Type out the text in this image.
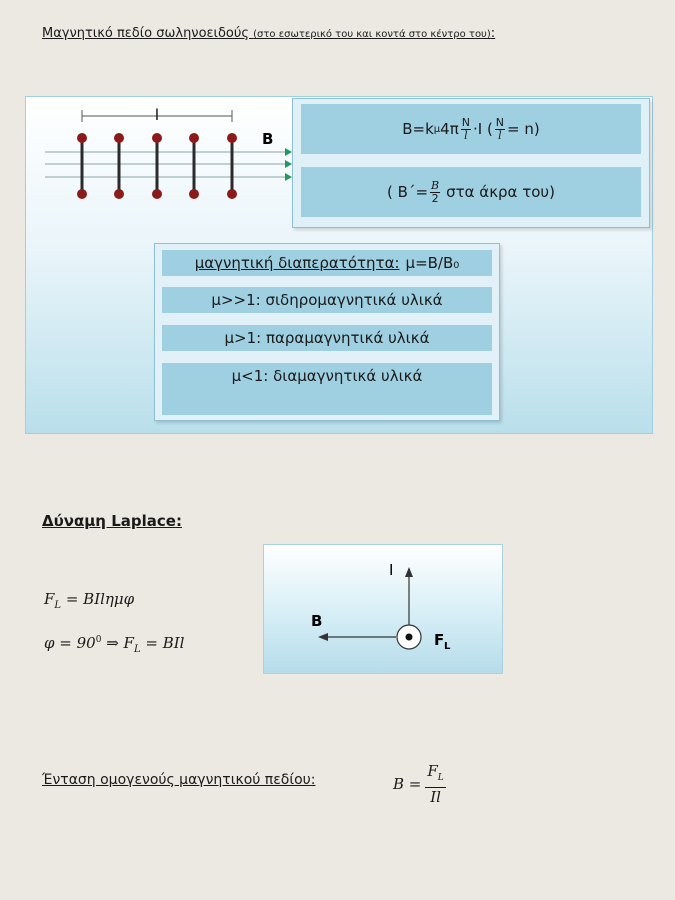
Μαγνητικό πεδίο σωληνοειδούς (στο εσωτερικό του και κοντά στο κέντρο του):
l
B
B=k μ $4\pi \frac{N}{l} \cdot I$ ( $\frac{N}{l} = n$)
( $B΄= \frac{B}{2}$ στα άκρα του)
μαγνητική διαπερατότητα: μ=B/B₀
μ>>1: σιδηρομαγνητικά υλικά
μ>1: παραμαγνητικά υλικά
μ<1: διαμαγνητικά υλικά
Δύναμη Laplace:
$F_L = BIl\eta\mu\varphi$
$\varphi = 90^0$ ⇒ $F_L$ = BIl
I
B
F L
Ένταση ομογενούς μαγνητικού πεδίου:	$B = \frac{F_L}{Il}$
